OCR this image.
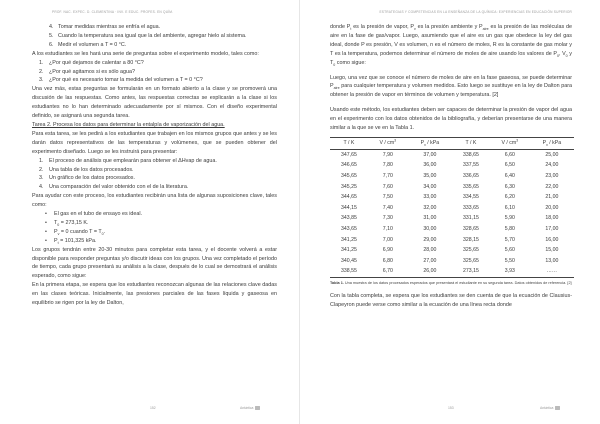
PROF. NAC. EXPEC. D. CLEMENTINA · INV. E EDUC. PROFES. EN QUÍM.
4. Tomar medidas mientras se enfría el agua.
5. Cuando la temperatura sea igual que la del ambiente, agregar hielo al sistema.
6. Medir el volumen a T = 0 °C.

A los estudiantes se les hará una serie de preguntas sobre el experimento modelo, tales como:

1. ¿Por qué dejamos de calentar a 80 °C?
2. ¿Por qué agitamos si es sólo agua?
3. ¿Por qué es necesario tomar la medida del volumen a T = 0 °C?

Una vez más, estas preguntas se formularán en un formato abierto a la clase y se promoverá una discusión de las respuestas. Como antes, las respuestas correctas se explicarán a la clase si los estudiantes no lo han determinado adecuadamente por sí mismos. Con el diseño experimental definido, se asignará una segunda tarea.

Tarea 2. Procesa los datos para determinar la entalpía de vaporización del agua.

Para esta tarea, se les pedirá a los estudiantes que trabajen en los mismos grupos que antes y se les darán datos representativos de las temperaturas y volúmenes, que se pueden obtener del experimento diseñado. Luego se les instruirá para presentar:

1. El proceso de análisis que emplearán para obtener el ΔHvap de agua.
2. Una tabla de los datos procesados.
3. Un gráfico de los datos procesados.
4. Una comparación del valor obtenido con el de la literatura.

Para ayudar con este proceso, los estudiantes recibirán una lista de algunas suposiciones clave, tales como:

• El gas en el tubo de ensayo es ideal.
• $T_0 = 273,15$ K.
• $P_v = 0$ cuando $T = T_0$.
• $P_t = 101,325$ kPa.

Los grupos tendrán entre 20-30 minutos para completar esta tarea, y el docente volverá a estar disponible para responder preguntas y/o discutir ideas con los grupos. Una vez completado el período de tiempo, cada grupo presentará su análisis a la clase, después de lo cual se demostrará el análisis esperado, como sigue:

En la primera etapa, se espera que los estudiantes reconozcan algunas de las relaciones clave dadas en las clases teóricas. Inicialmente, las presiones parciales de las fases líquida y gaseosa en equilibrio se rigen por la ley de Dalton,

152	Antártica
ESTRATEGIAS Y COMPETENCIAS EN LA ENSEÑANZA DE LA QUÍMICA: EXPERIENCIAS EN EDUCACIÓN SUPERIOR

donde $P_t$ es la presión de vapor, $P_v$ es la presión ambiente y $P_{aire}$ es la presión de las moléculas de aire en la fase de gas/vapor. Luego, asumiendo que el aire es un gas que obedece la ley del gas ideal, donde P es presión, V es volumen, n es el número de moles, R es la constante de gas molar y T es la temperatura, podemos determinar el número de moles de aire usando los valores de $P_0$, $V_0$ y $T_0$ como sigue:

Luego, una vez que se conoce el número de moles de aire en la fase gaseosa, se puede determinar $P_{aire}$ para cualquier temperatura y volumen medidos. Esto luego se sustituye en la ley de Dalton para obtener la presión de vapor en términos de volumen y temperatura. [2]

Usando este método, los estudiantes deben ser capaces de determinar la presión de vapor del agua en el experimento con los datos obtenidos de la bibliografía, y deberían presentarse de una manera similar a la que se ve en la Tabla 1.

T / K	V / $cm^3$	$P_v$ / kPa	T / K	V / $cm^3$	$P_v$ / kPa
347,65	7,90	37,00	338,65	6,60	25,00
346,65	7,80	36,00	337,55	6,50	24,00
345,65	7,70	35,00	336,65	6,40	23,00
345,25	7,60	34,00	335,65	6,30	22,00
344,65	7,50	33,00	334,55	6,20	21,00
344,15	7,40	32,00	333,65	6,10	20,00
343,85	7,30	31,00	331,15	5,90	18,00
343,65	7,10	30,00	328,65	5,80	17,00
341,25	7,00	29,00	328,15	5,70	16,00
341,25	6,90	28,00	325,65	5,60	15,00
340,45	6,80	27,00	325,65	5,50	13,00
338,55	6,70	26,00	273,15	3,93	……
Tabla 1. Una muestra de los datos procesados esperados que presentará el estudiante en su segunda tarea. Datos obtenidos de referencia. [2]

Con la tabla completa, se espera que los estudiantes se den cuenta de que la ecuación de Clausius-Clapeyron puede verse como similar a la ecuación de una línea recta donde

153	Antártica
